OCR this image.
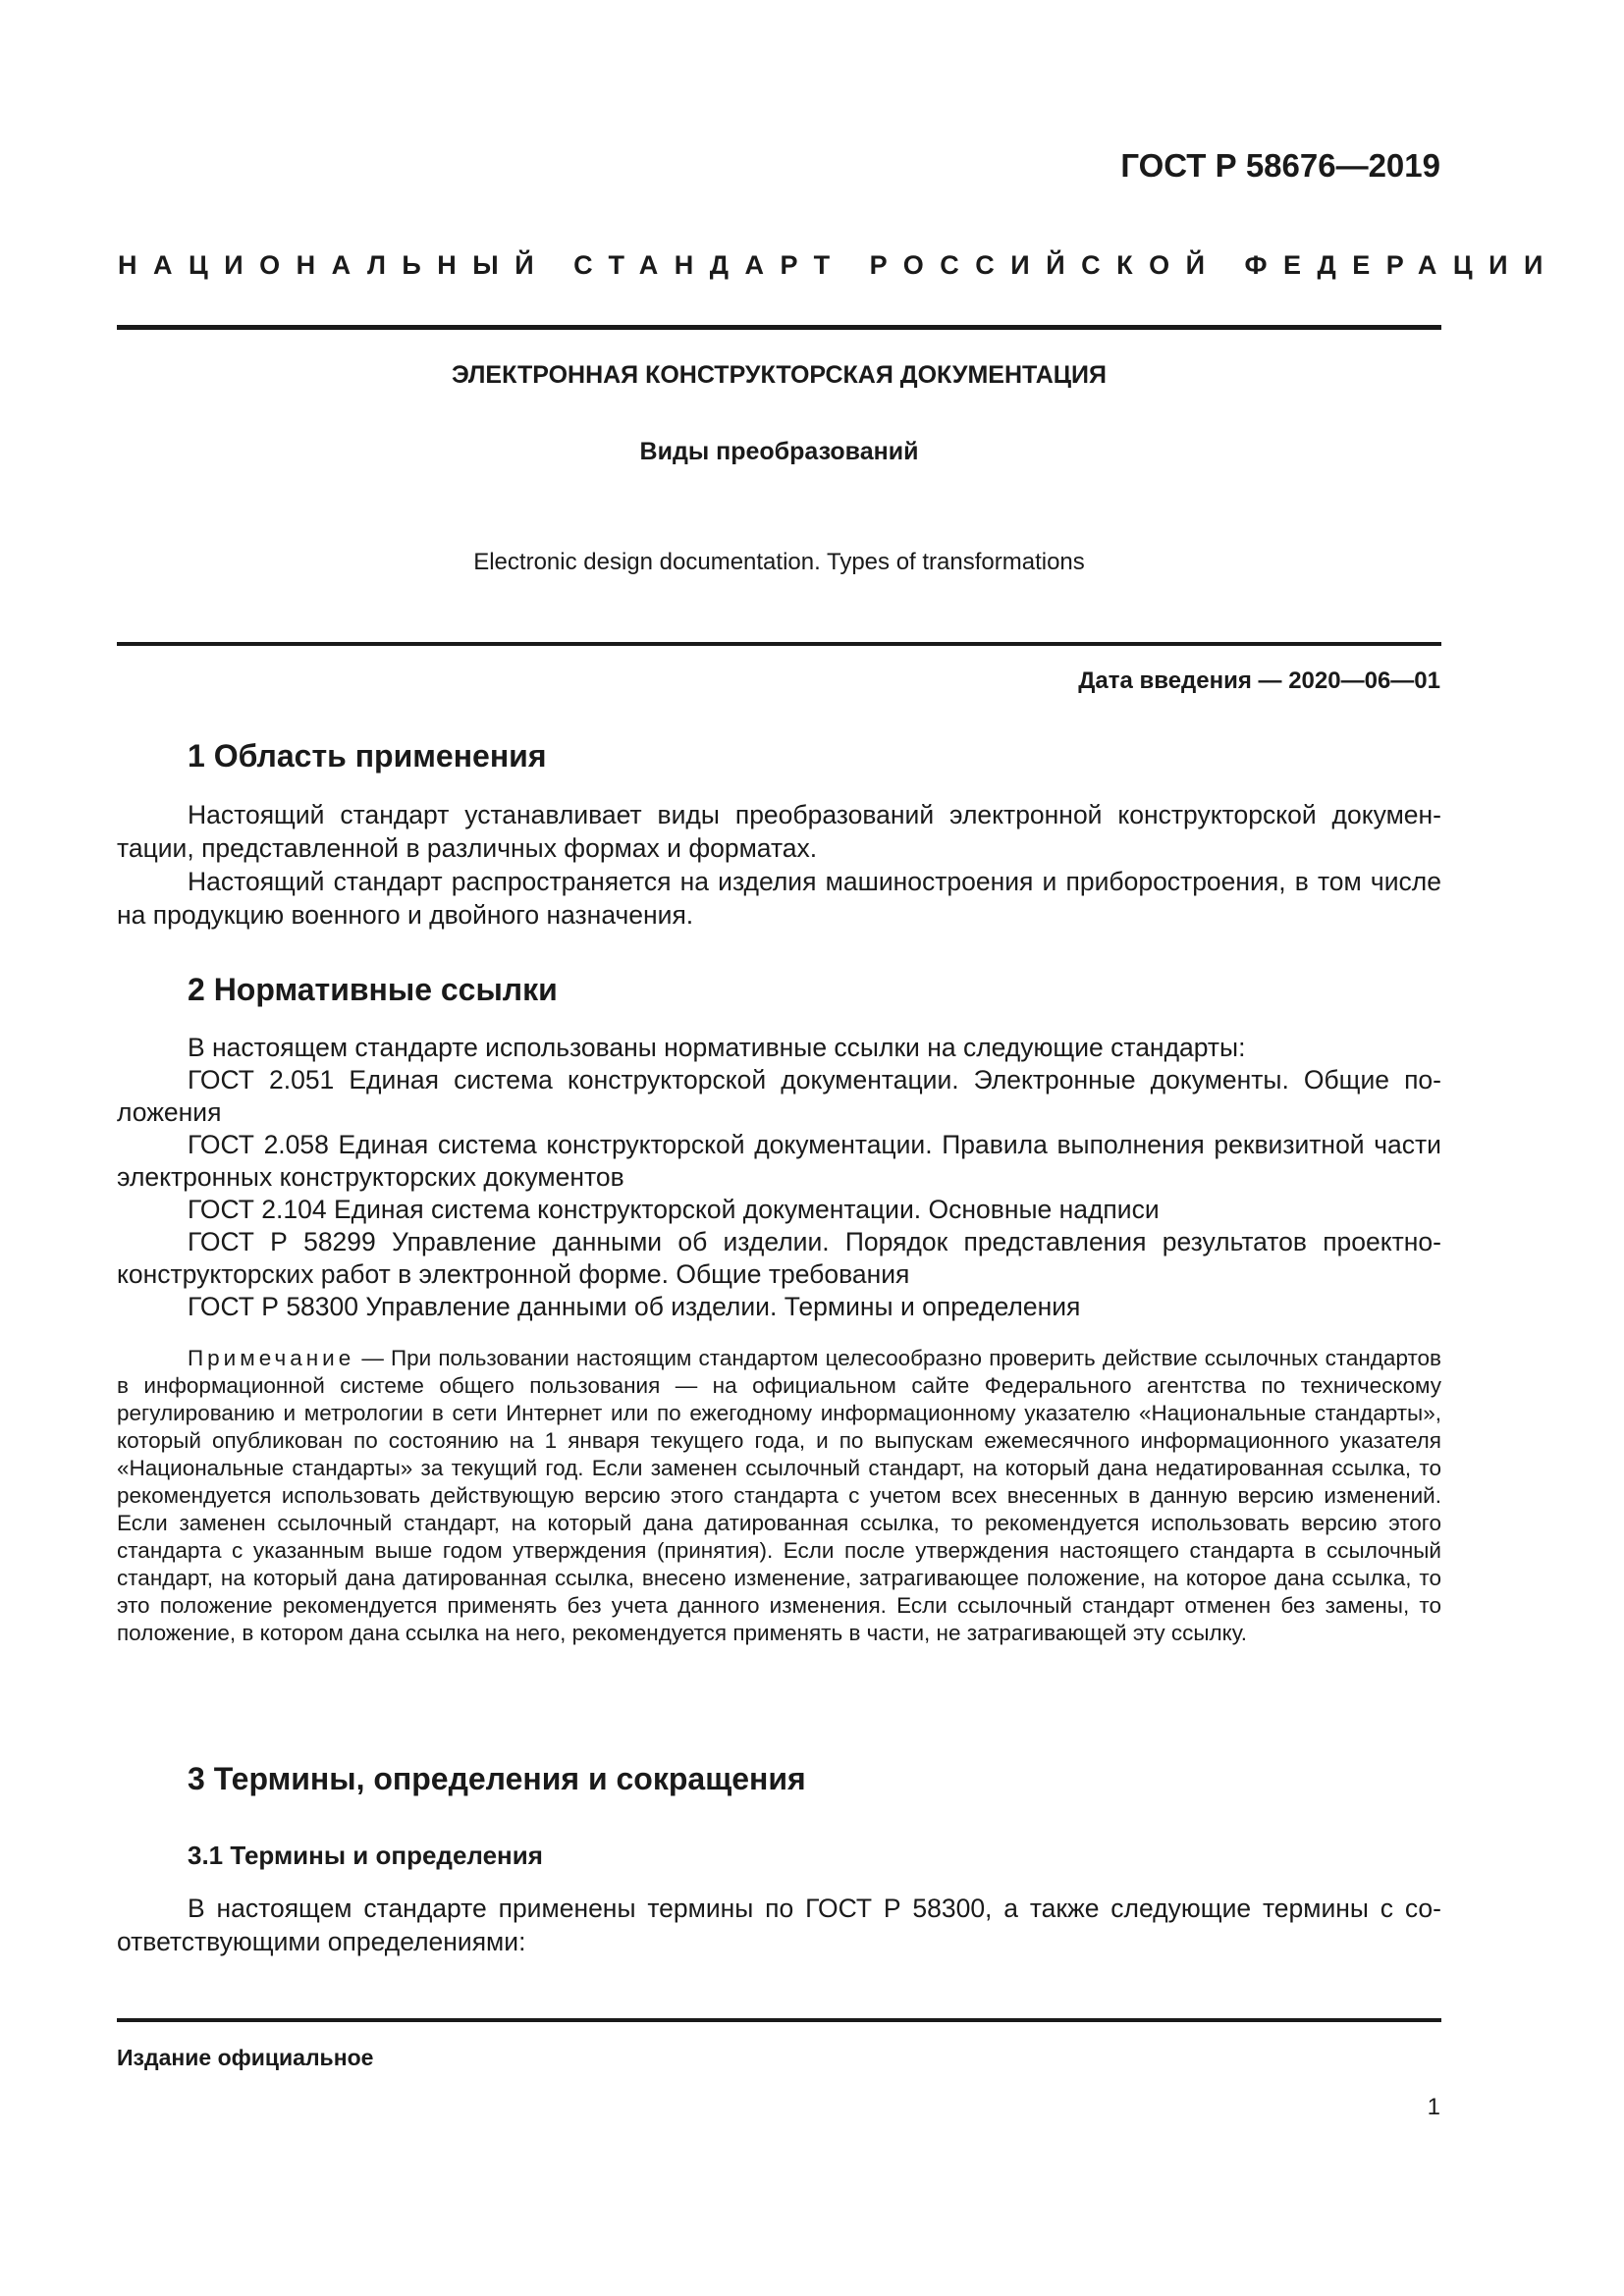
ГОСТ Р 58676—2019
НАЦИОНАЛЬНЫЙ СТАНДАРТ РОССИЙСКОЙ ФЕДЕРАЦИИ
ЭЛЕКТРОННАЯ КОНСТРУКТОРСКАЯ ДОКУМЕНТАЦИЯ
Виды преобразований
Electronic design documentation. Types of transformations
Дата введения — 2020—06—01
1 Область применения
Настоящий стандарт устанавливает виды преобразований электронной конструкторской документации, представленной в различных формах и форматах.
Настоящий стандарт распространяется на изделия машиностроения и приборостроения, в том числе на продукцию военного и двойного назначения.
2 Нормативные ссылки
В настоящем стандарте использованы нормативные ссылки на следующие стандарты:
ГОСТ 2.051 Единая система конструкторской документации. Электронные документы. Общие положения
ГОСТ 2.058 Единая система конструкторской документации. Правила выполнения реквизитной части электронных конструкторских документов
ГОСТ 2.104 Единая система конструкторской документации. Основные надписи
ГОСТ Р 58299 Управление данными об изделии. Порядок представления результатов проектно-конструкторских работ в электронной форме. Общие требования
ГОСТ Р 58300 Управление данными об изделии. Термины и определения
Примечание — При пользовании настоящим стандартом целесообразно проверить действие ссылочных стандартов в информационной системе общего пользования — на официальном сайте Федерального агентства по техническому регулированию и метрологии в сети Интернет или по ежегодному информационному указателю «Национальные стандарты», который опубликован по состоянию на 1 января текущего года, и по выпускам ежемесячного информационного указателя «Национальные стандарты» за текущий год. Если заменен ссылочный стандарт, на который дана недатированная ссылка, то рекомендуется использовать действующую версию этого стандарта с учетом всех внесенных в данную версию изменений. Если заменен ссылочный стандарт, на который дана датированная ссылка, то рекомендуется использовать версию этого стандарта с указанным выше годом утверждения (принятия). Если после утверждения настоящего стандарта в ссылочный стандарт, на который дана датированная ссылка, внесено изменение, затрагивающее положение, на которое дана ссылка, то это положение рекомендуется применять без учета данного изменения. Если ссылочный стандарт отменен без замены, то положение, в котором дана ссылка на него, рекомендуется применять в части, не затрагивающей эту ссылку.
3 Термины, определения и сокращения
3.1 Термины и определения
В настоящем стандарте применены термины по ГОСТ Р 58300, а также следующие термины с соответствующими определениями:
Издание официальное
1
